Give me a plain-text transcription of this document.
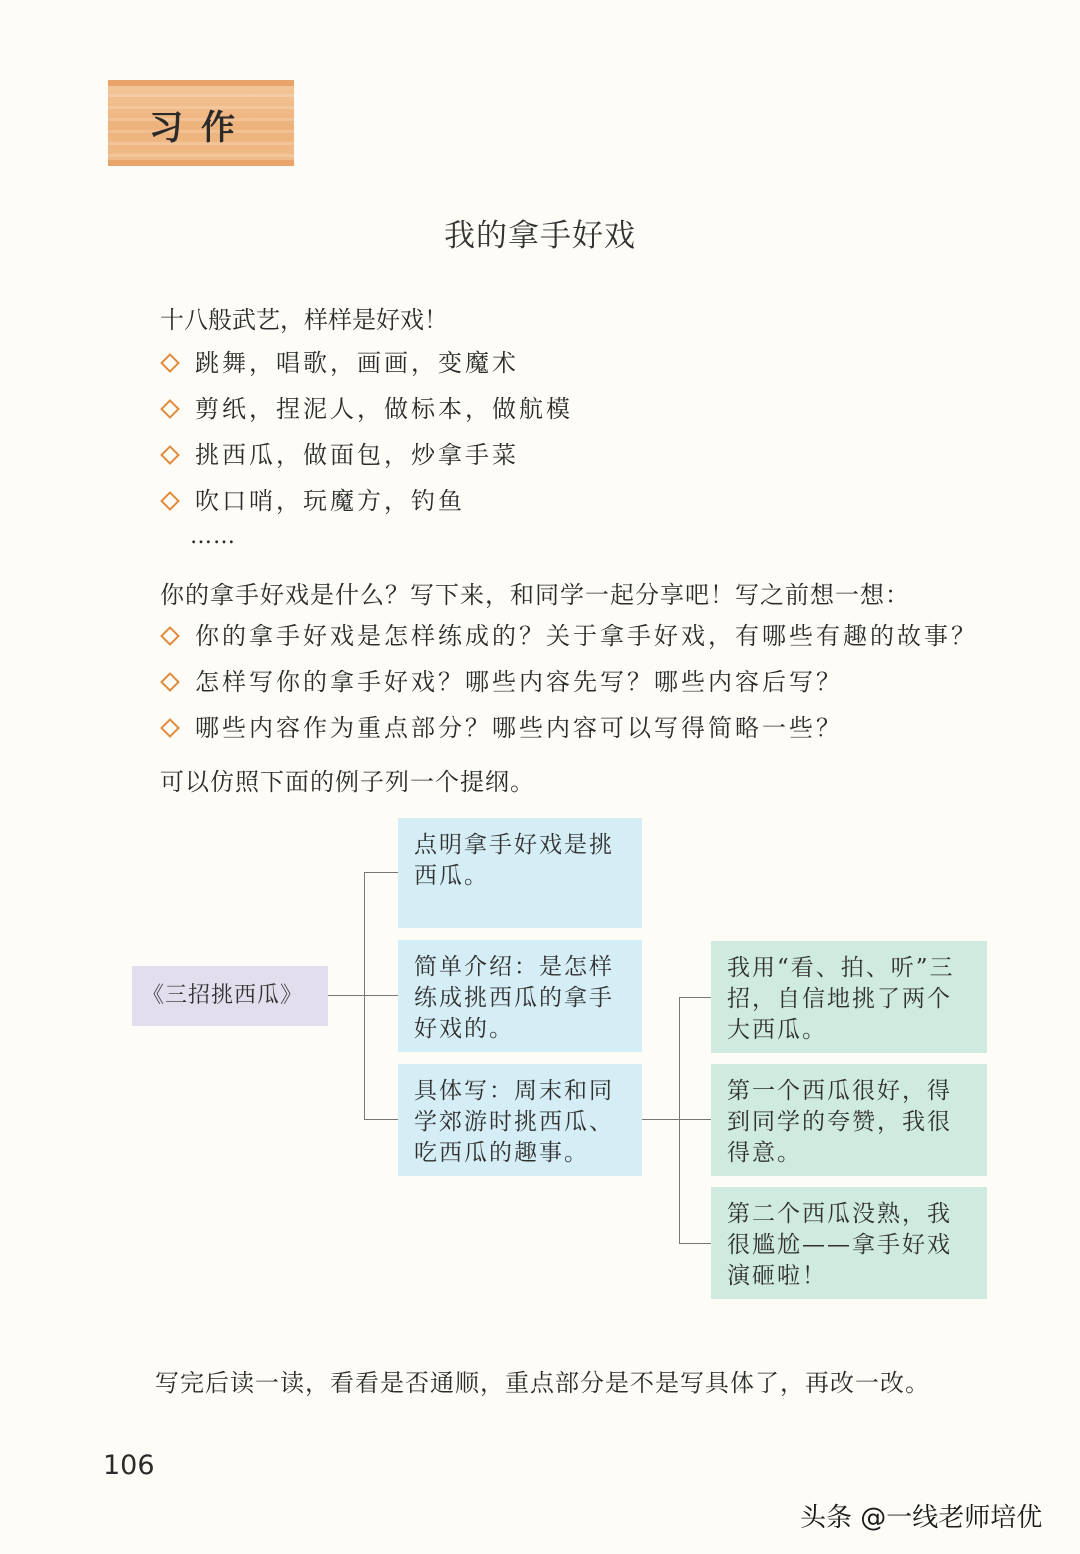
习作
我的拿手好戏
十八般武艺，样样是好戏！
跳舞，唱歌，画画，变魔术
剪纸，捏泥人，做标本，做航模
挑西瓜，做面包，炒拿手菜
吹口哨，玩魔方，钓鱼
……
你的拿手好戏是什么？写下来，和同学一起分享吧！写之前想一想：
你的拿手好戏是怎样练成的？关于拿手好戏，有哪些有趣的故事？
怎样写你的拿手好戏？哪些内容先写？哪些内容后写？
哪些内容作为重点部分？哪些内容可以写得简略一些？
可以仿照下面的例子列一个提纲。
《三招挑西瓜》
点明拿手好戏是挑西瓜。
简单介绍：是怎样练成挑西瓜的拿手好戏的。
具体写：周末和同学郊游时挑西瓜、吃西瓜的趣事。
我用“看、拍、听”三招，自信地挑了两个大西瓜。
第一个西瓜很好，得到同学的夸赞，我很得意。
第二个西瓜没熟，我很尴尬——拿手好戏演砸啦！
写完后读一读，看看是否通顺，重点部分是不是写具体了，再改一改。
106
头条 @一线老师培优
